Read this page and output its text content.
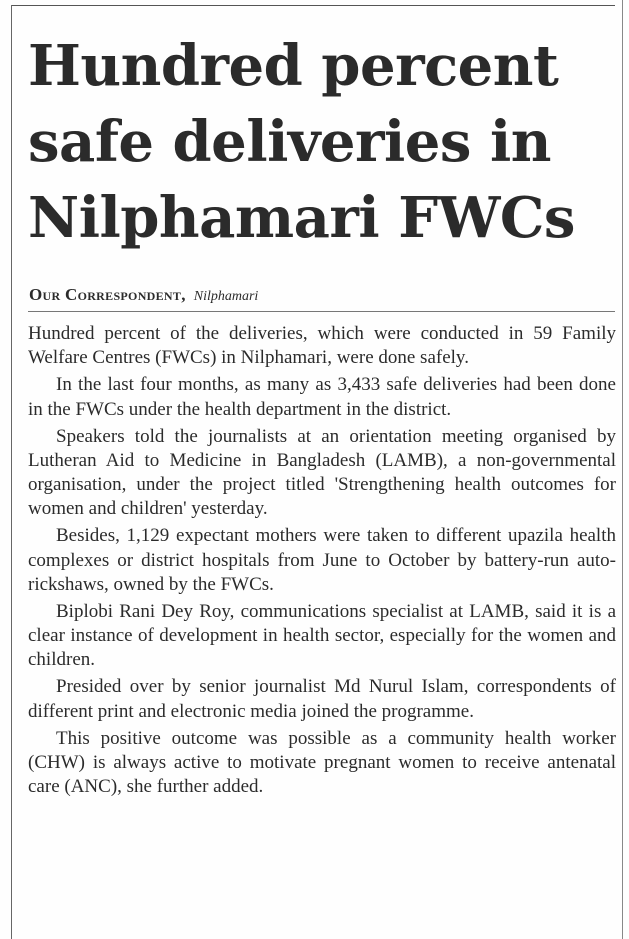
Hundred percent
safe deliveries in
Nilphamari FWCs
Our Correspondent, Nilphamari

Hundred percent of the deliveries, which were conducted in 59 Family Welfare Centres (FWCs) in Nilphamari, were done safely.

In the last four months, as many as 3,433 safe deliveries had been done in the FWCs under the health department in the district.

Speakers told the journalists at an orientation meeting organised by Lutheran Aid to Medicine in Bangladesh (LAMB), a non-governmental organisation, under the project titled 'Strengthening health outcomes for women and children' yesterday.

Besides, 1,129 expectant mothers were taken to different upazila health complexes or district hospitals from June to October by battery-run auto-rickshaws, owned by the FWCs.

Biplobi Rani Dey Roy, communications specialist at LAMB, said it is a clear instance of development in health sector, especially for the women and children.

Presided over by senior journalist Md Nurul Islam, correspondents of different print and electronic media joined the programme.

This positive outcome was possible as a community health worker (CHW) is always active to motivate pregnant women to receive antenatal care (ANC), she further added.
